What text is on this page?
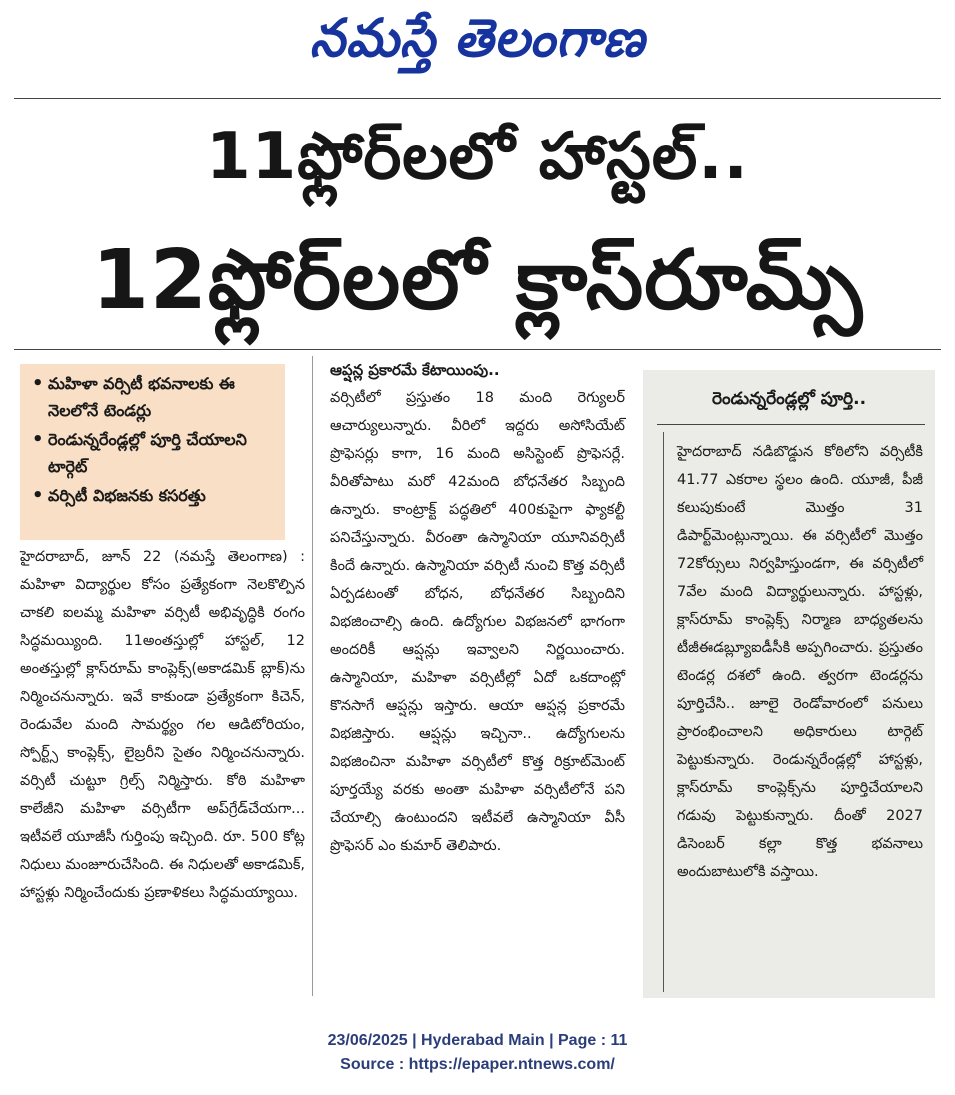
నమస్తే తెలంగాణ
11ఫ్లోర్‌లలో హాస్టల్..
12ఫ్లోర్‌లలో క్లాస్‌రూమ్స్
• మహిళా వర్సిటీ భవనాలకు ఈ నెలలోనే టెండర్లు
• రెండున్నరేండ్లల్లో పూర్తి చేయాలని టార్గెట్
• వర్సిటీ విభజనకు కసరత్తు
హైదరాబాద్, జూన్ 22 (నమస్తే తెలంగాణ) : మహిళా విద్యార్థుల కోసం ప్రత్యేకంగా నెలకొల్పిన చాకలి ఐలమ్మ మహిళా వర్సిటీ అభివృద్ధికి రంగం సిద్ధమయ్యింది. 11అంతస్తుల్లో హాస్టల్, 12 అంతస్తుల్లో క్లాస్‌రూమ్ కాంప్లెక్స్(అకాడమిక్ బ్లాక్)ను నిర్మించనున్నారు. ఇవే కాకుండా ప్రత్యేకంగా కిచెన్, రెండువేల మంది సామర్థ్యం గల ఆడిటోరియం, స్పోర్ట్స్ కాంప్లెక్స్, లైబ్రరీని సైతం నిర్మించనున్నారు. వర్సిటీ చుట్టూ గ్రిల్స్ నిర్మిస్తారు. కోఠి మహిళా కాలేజీని మహిళా వర్సిటీగా అప్‌గ్రేడ్‌చేయగా... ఇటీవలే యూజీసీ గుర్తింపు ఇచ్చింది. రూ. 500 కోట్ల నిధులు మంజూరుచేసింది. ఈ నిధులతో అకాడమిక్, హాస్టళ్లు నిర్మించేందుకు ప్రణాళికలు సిద్ధమయ్యాయి.
ఆప్షన్ల ప్రకారమే కేటాయింపు..
వర్సిటీలో ప్రస్తుతం 18 మంది రెగ్యులర్ ఆచార్యులున్నారు. వీరిలో ఇద్దరు అసోసియేట్ ప్రొఫెసర్లు కాగా, 16 మంది అసిస్టెంట్ ప్రొఫెసర్లే. వీరితోపాటు మరో 42మంది బోధనేతర సిబ్బంది ఉన్నారు. కాంట్రాక్ట్ పద్ధతిలో 400కుపైగా ఫ్యాకల్టీ పనిచేస్తున్నారు. వీరంతా ఉస్మానియా యూనివర్సిటీ కిందే ఉన్నారు. ఉస్మానియా వర్సిటీ నుంచి కొత్త వర్సిటీ ఏర్పడటంతో బోధన, బోధనేతర సిబ్బందిని విభజించాల్సి ఉంది. ఉద్యోగుల విభజనలో భాగంగా అందరికీ ఆప్షన్లు ఇవ్వాలని నిర్ణయించారు. ఉస్మానియా, మహిళా వర్సిటీల్లో ఏదో ఒకదాంట్లో కొనసాగే ఆప్షన్లు ఇస్తారు. ఆయా ఆప్షన్ల ప్రకారమే విభజిస్తారు. ఆప్షన్లు ఇచ్చినా.. ఉద్యోగులను విభజించినా మహిళా వర్సిటీలో కొత్త రిక్రూట్‌మెంట్ పూర్తయ్యే వరకు అంతా మహిళా వర్సిటీలోనే పని చేయాల్సి ఉంటుందని ఇటీవలే ఉస్మానియా వీసీ ప్రొఫెసర్ ఎం కుమార్ తెలిపారు.
రెండున్నరేండ్లల్లో పూర్తి..
హైదరాబాద్ నడిబొడ్డున కోఠిలోని వర్సిటీకి 41.77 ఎకరాల స్థలం ఉంది. యూజీ, పీజీ కలుపుకుంటే మొత్తం 31 డిపార్ట్‌మెంట్లున్నాయి. ఈ వర్సిటీలో మొత్తం 72కోర్సులు నిర్వహిస్తుండగా, ఈ వర్సిటీలో 7వేల మంది విద్యార్థులున్నారు. హాస్టళ్లు, క్లాస్‌రూమ్ కాంప్లెక్స్ నిర్మాణ బాధ్యతలను టీజీఈడబ్ల్యూఐడీసీకి అప్పగించారు. ప్రస్తుతం టెండర్ల దశలో ఉంది. త్వరగా టెండర్లను పూర్తిచేసి.. జూలై రెండోవారంలో పనులు ప్రారంభించాలని అధికారులు టార్గెట్ పెట్టుకున్నారు. రెండున్నరేండ్లల్లో హాస్టళ్లు, క్లాస్‌రూమ్ కాంప్లెక్స్‌ను పూర్తిచేయాలని గడువు పెట్టుకున్నారు. దీంతో 2027 డిసెంబర్ కల్లా కొత్త భవనాలు అందుబాటులోకి వస్తాయి.
23/06/2025 | Hyderabad Main | Page : 11
Source : https://epaper.ntnews.com/
